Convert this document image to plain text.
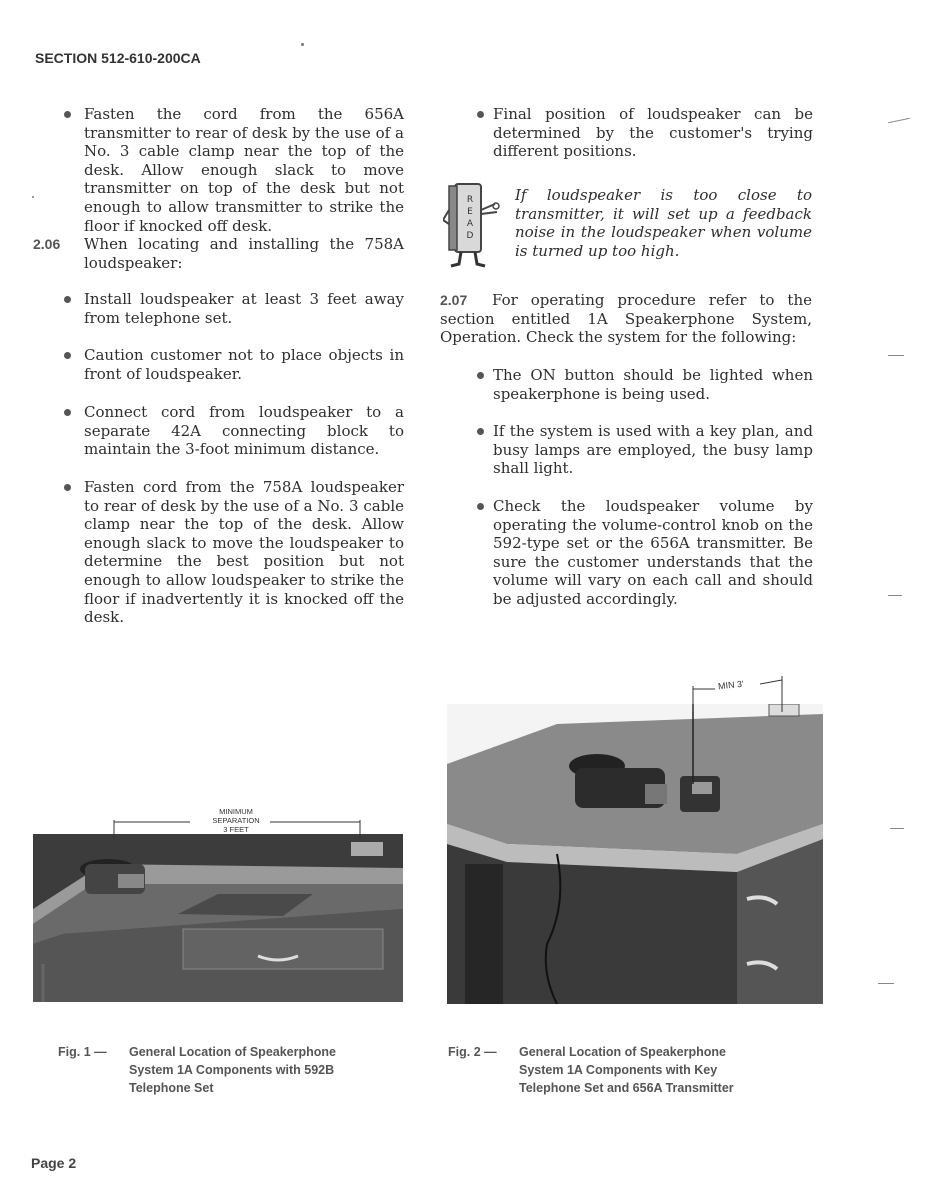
SECTION 512-610-200CA
Fasten the cord from the 656A transmitter to rear of desk by the use of a No. 3 cable clamp near the top of the desk. Allow enough slack to move transmitter on top of the desk but not enough to allow transmitter to strike the floor if knocked off desk.
2.06 When locating and installing the 758A loudspeaker:
Install loudspeaker at least 3 feet away from telephone set.
Caution customer not to place objects in front of loudspeaker.
Connect cord from loudspeaker to a separate 42A connecting block to maintain the 3-foot minimum distance.
Fasten cord from the 758A loudspeaker to rear of desk by the use of a No. 3 cable clamp near the top of the desk. Allow enough slack to move the loudspeaker to determine the best position but not enough to allow loudspeaker to strike the floor if inadvertently it is knocked off the desk.
Final position of loudspeaker can be determined by the customer's trying different positions.
READ
If loudspeaker is too close to transmitter, it will set up a feedback noise in the loudspeaker when volume is turned up too high.
2.07	For operating procedure refer to the section entitled 1A Speakerphone System, Operation. Check the system for the following:
The ON button should be lighted when speakerphone is being used.
If the system is used with a key plan, and busy lamps are employed, the busy lamp shall light.
Check the loudspeaker volume by operating the volume-control knob on the 592-type set or the 656A transmitter. Be sure the customer understands that the volume will vary on each call and should be adjusted accordingly.
MINIMUM
SEPARATION
3 FEET
MIN 3'
Fig. 1 — General Location of Speakerphone
System 1A Components with 592B
Telephone Set
Fig. 2 — General Location of Speakerphone
System 1A Components with Key
Telephone Set and 656A Transmitter
Page 2
